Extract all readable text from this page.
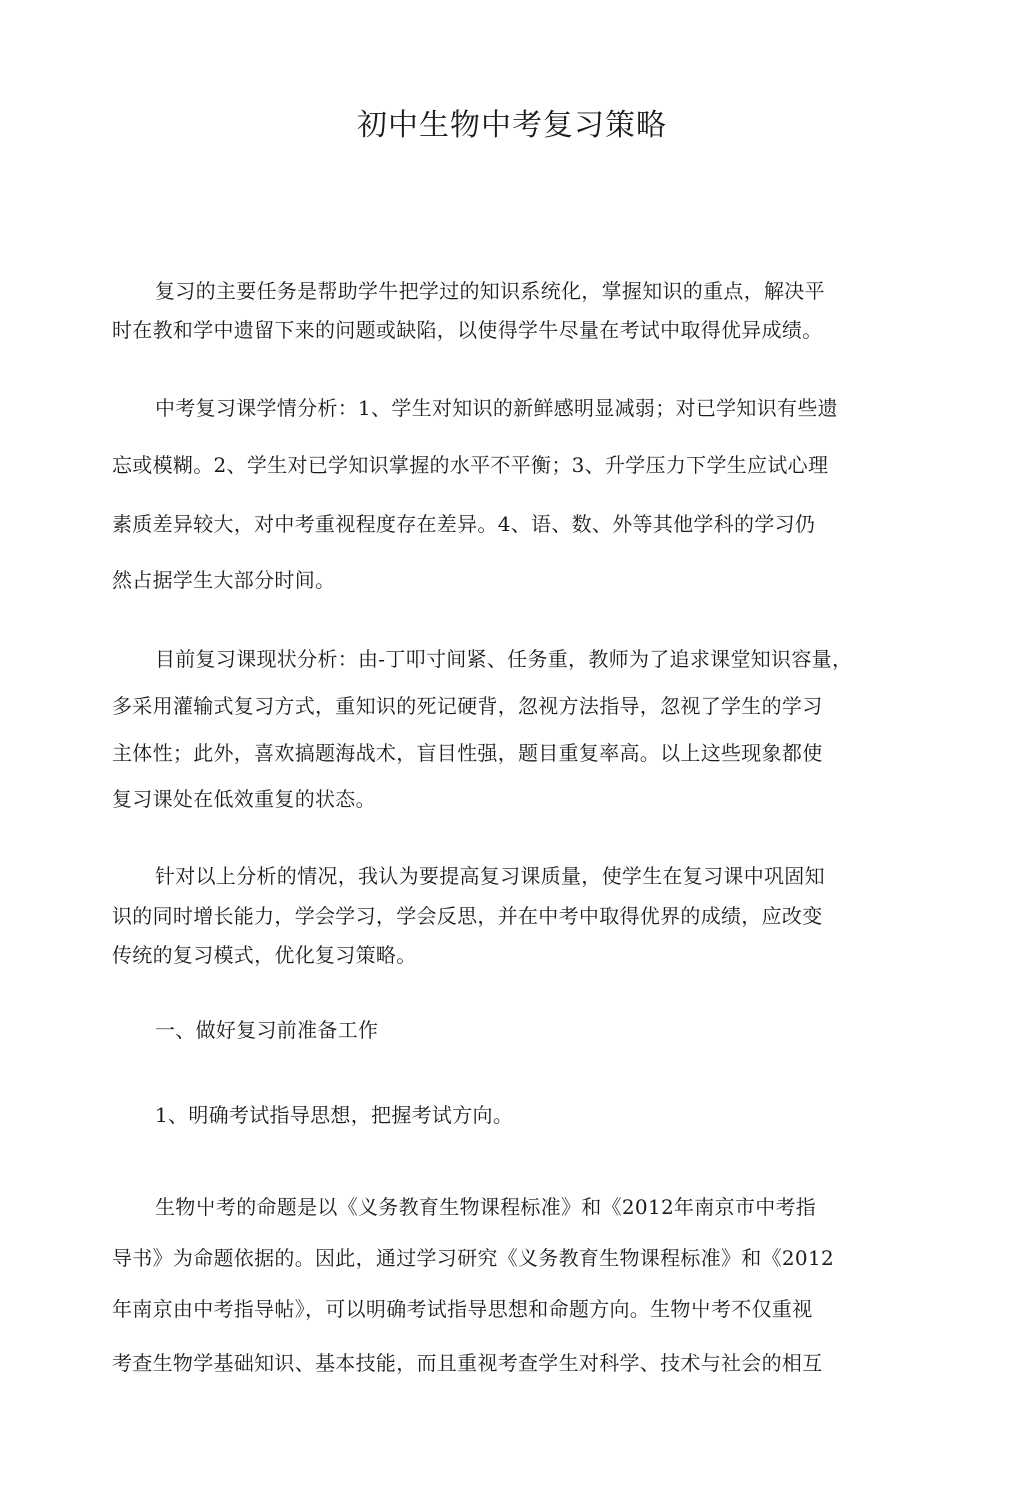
初中生物中考复习策略
复习的主要任务是帮助学牛把学过的知识系统化，掌握知识的重点，解决平
时在教和学中遗留下来的问题或缺陷，以使得学牛尽量在考试中取得优异成绩。
中考复习课学情分析：1、学生对知识的新鲜感明显减弱；对已学知识有些遗
忘或模糊。2、学生对已学知识掌握的水平不平衡；3、升学压力下学生应试心理
素质差异较大，对中考重视程度存在差异。4、语、数、外等其他学科的学习仍
然占据学生大部分时间。
目前复习课现状分析：由-丁叩寸间紧、任务重，教师为了追求课堂知识容量，
多采用灌输式复习方式，重知识的死记硬背，忽视方法指导，忽视了学生的学习
主体性；此外，喜欢搞题海战术，盲目性强，题目重复率高。以上这些现象都使
复习课处在低效重复的状态。
针对以上分析的情况，我认为要提高复习课质量，使学生在复习课中巩固知
识的同时增长能力，学会学习，学会反思，并在中考中取得优界的成绩，应改变
传统的复习模式，优化复习策略。
一、做好复习前准备工作
1、明确考试指导思想，把握考试方向。
生物屮考的命题是以《义务教育生物课程标准》和《2012年南京市中考指
导书》为命题依据的。因此，通过学习研究《义务教育生物课程标准》和《2012
年南京由中考指导帖》，可以明确考试指导思想和命题方向。生物屮考不仅重视
考查生物学基础知识、基本技能，而且重视考查学生对科学、技术与社会的相互
